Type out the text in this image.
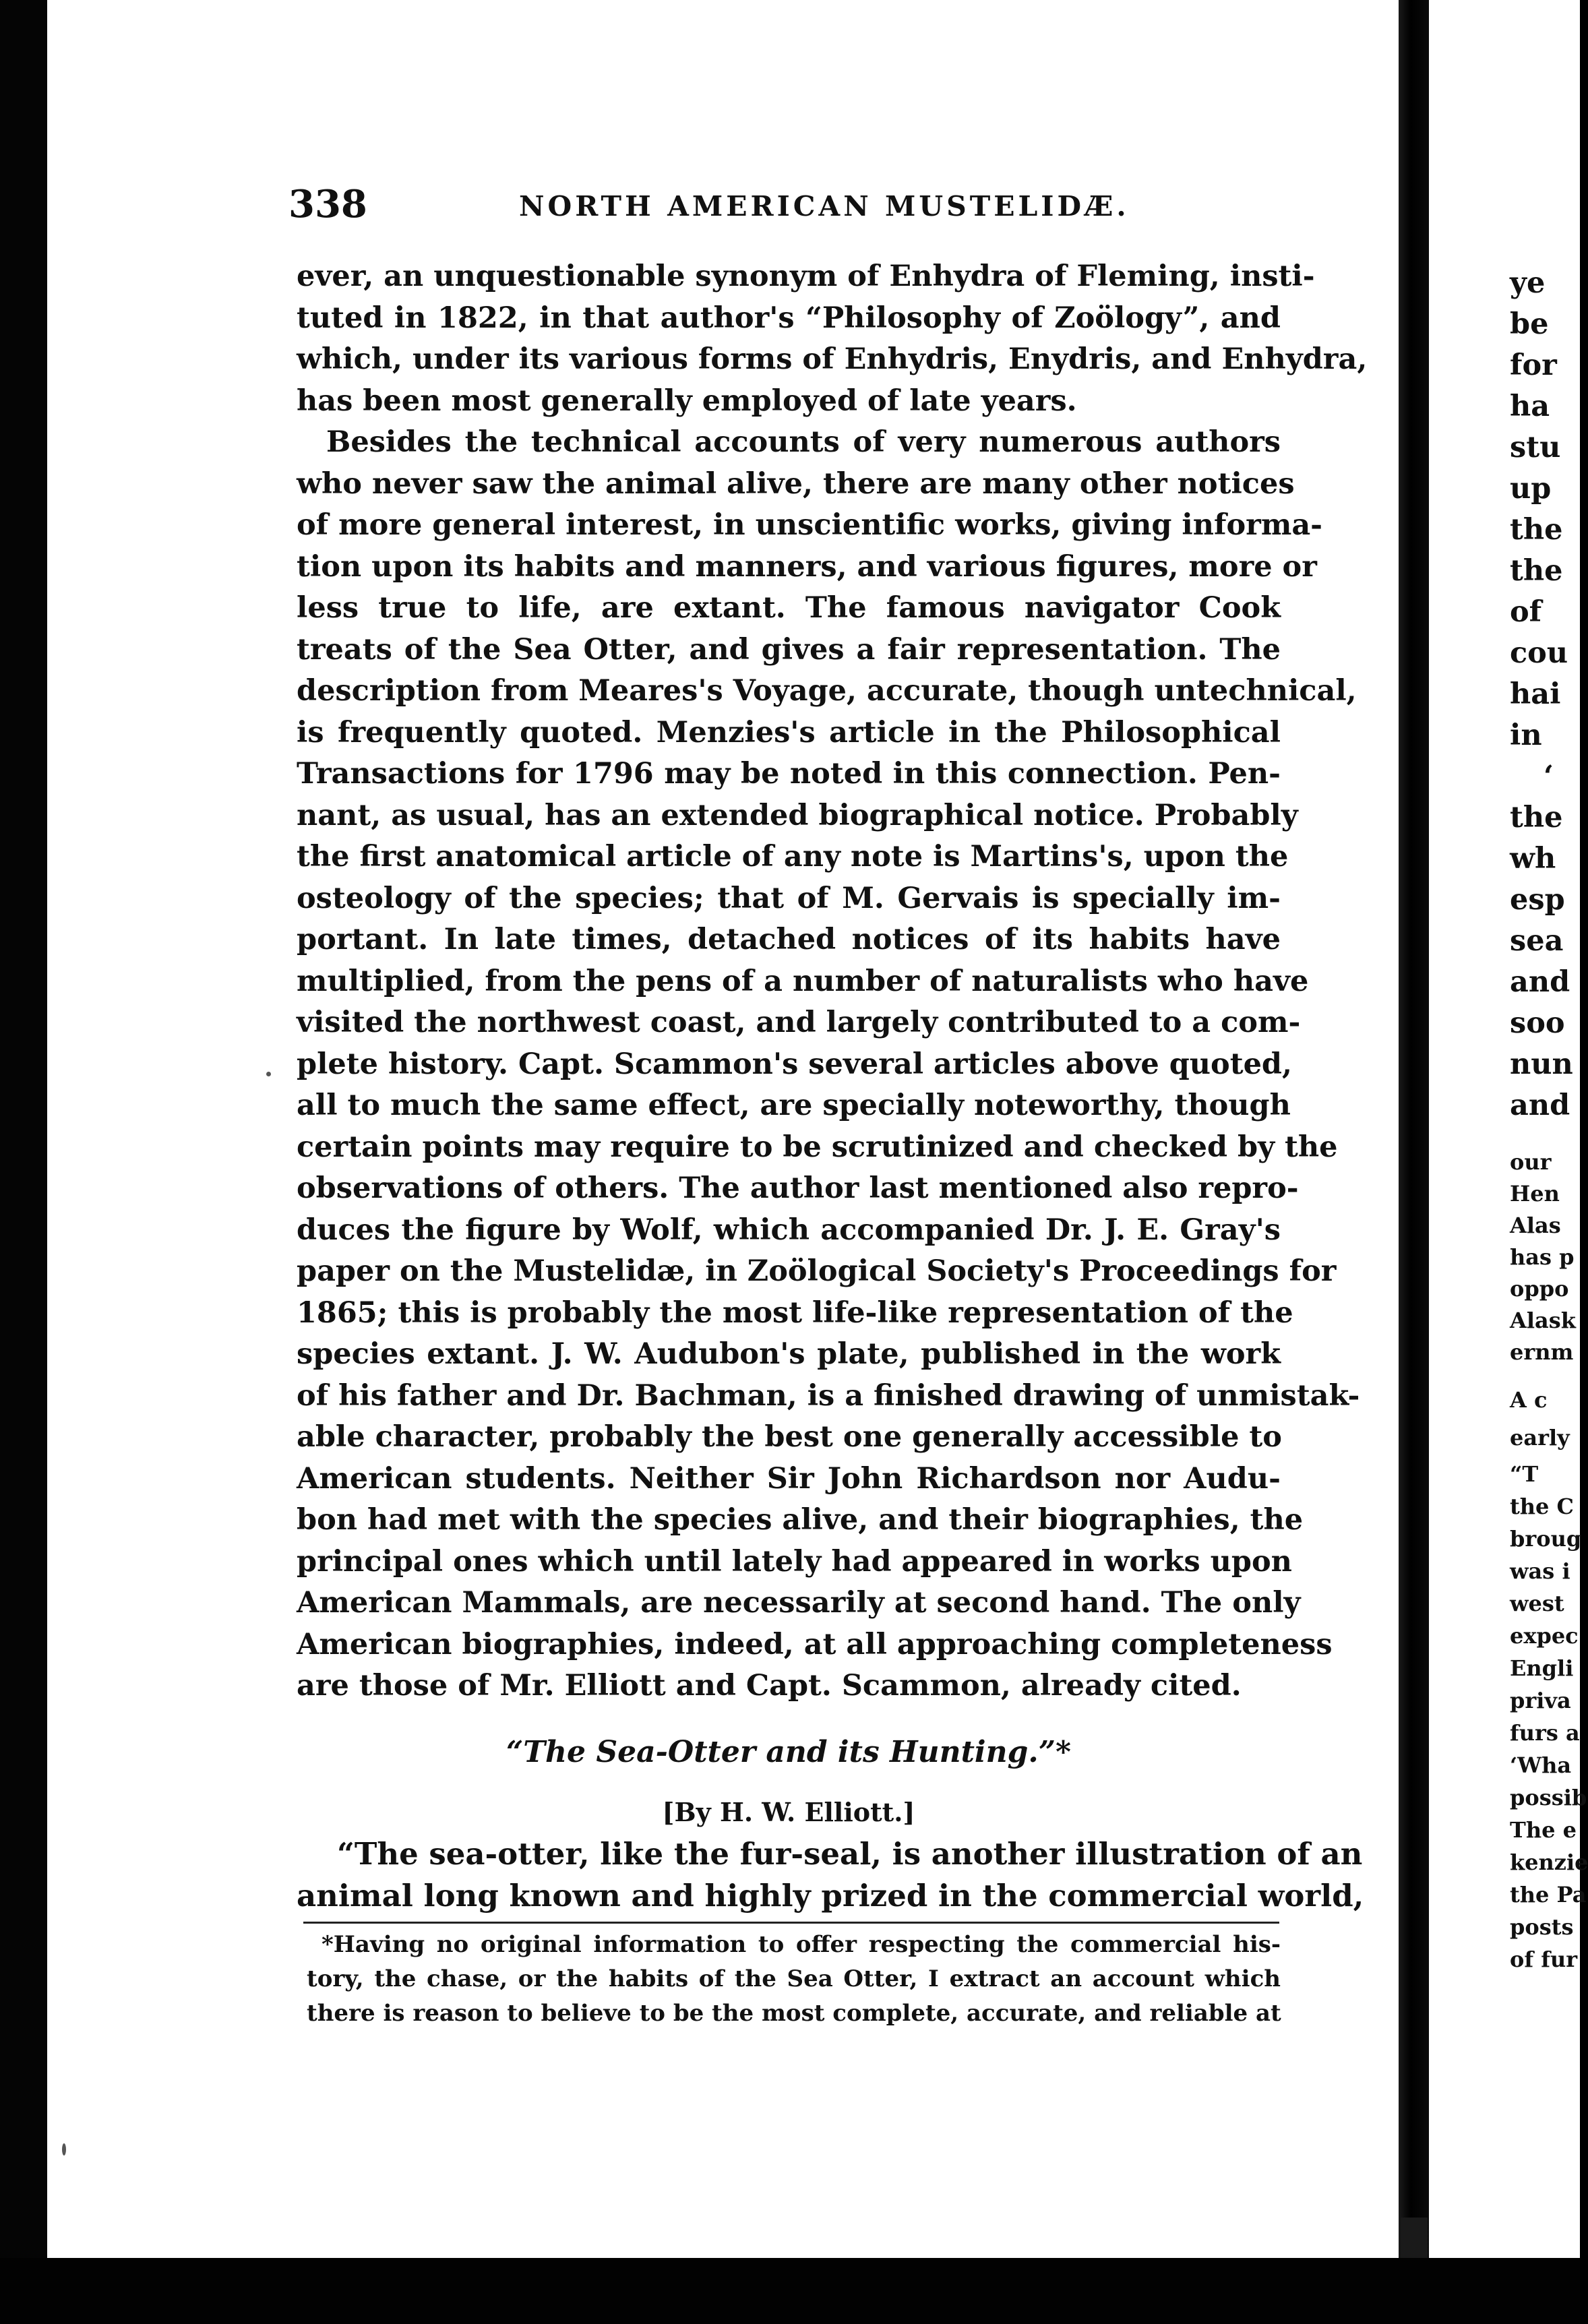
338	NORTH AMERICAN MUSTELIDÆ.
ever, an unquestionable synonym of Enhydra of Fleming, insti-
tuted in 1822, in that author's “Philosophy of Zoölogy”, and
which, under its various forms of Enhydris, Enydris, and Enhydra,
has been most generally employed of late years.
Besides the technical accounts of very numerous authors
who never saw the animal alive, there are many other notices
of more general interest, in unscientific works, giving informa-
tion upon its habits and manners, and various figures, more or
less true to life, are extant. The famous navigator Cook
treats of the Sea Otter, and gives a fair representation. The
description from Meares's Voyage, accurate, though untechnical,
is frequently quoted. Menzies's article in the Philosophical
Transactions for 1796 may be noted in this connection. Pen-
nant, as usual, has an extended biographical notice. Probably
the first anatomical article of any note is Martins's, upon the
osteology of the species; that of M. Gervais is specially im-
portant. In late times, detached notices of its habits have
multiplied, from the pens of a number of naturalists who have
visited the northwest coast, and largely contributed to a com-
plete history. Capt. Scammon's several articles above quoted,
all to much the same effect, are specially noteworthy, though
certain points may require to be scrutinized and checked by the
observations of others. The author last mentioned also repro-
duces the figure by Wolf, which accompanied Dr. J. E. Gray's
paper on the Mustelidæ, in Zoölogical Society's Proceedings for
1865; this is probably the most life-like representation of the
species extant. J. W. Audubon's plate, published in the work
of his father and Dr. Bachman, is a finished drawing of unmistak-
able character, probably the best one generally accessible to
American students. Neither Sir John Richardson nor Audu-
bon had met with the species alive, and their biographies, the
principal ones which until lately had appeared in works upon
American Mammals, are necessarily at second hand. The only
American biographies, indeed, at all approaching completeness
are those of Mr. Elliott and Capt. Scammon, already cited.
“The Sea-Otter and its Hunting.”*
[By H. W. Elliott.]
“The sea-otter, like the fur-seal, is another illustration of an
animal long known and highly prized in the commercial world,
*Having no original information to offer respecting the commercial his-
tory, the chase, or the habits of the Sea Otter, I extract an account which
there is reason to believe to be the most complete, accurate, and reliable at
ye
be
for
ha
stu
up
the
the
of
cou
hai
in
‘
the
wh
esp
sea
and
soo
nun
and
our
Hen
Alas
has p
oppo
Alask
ernm
A c
early
“T
the C
broug
was i
west
expec
Engli
priva
furs a
‘Wha
possib
The e
kenzie
the Pa
posts
of fur
